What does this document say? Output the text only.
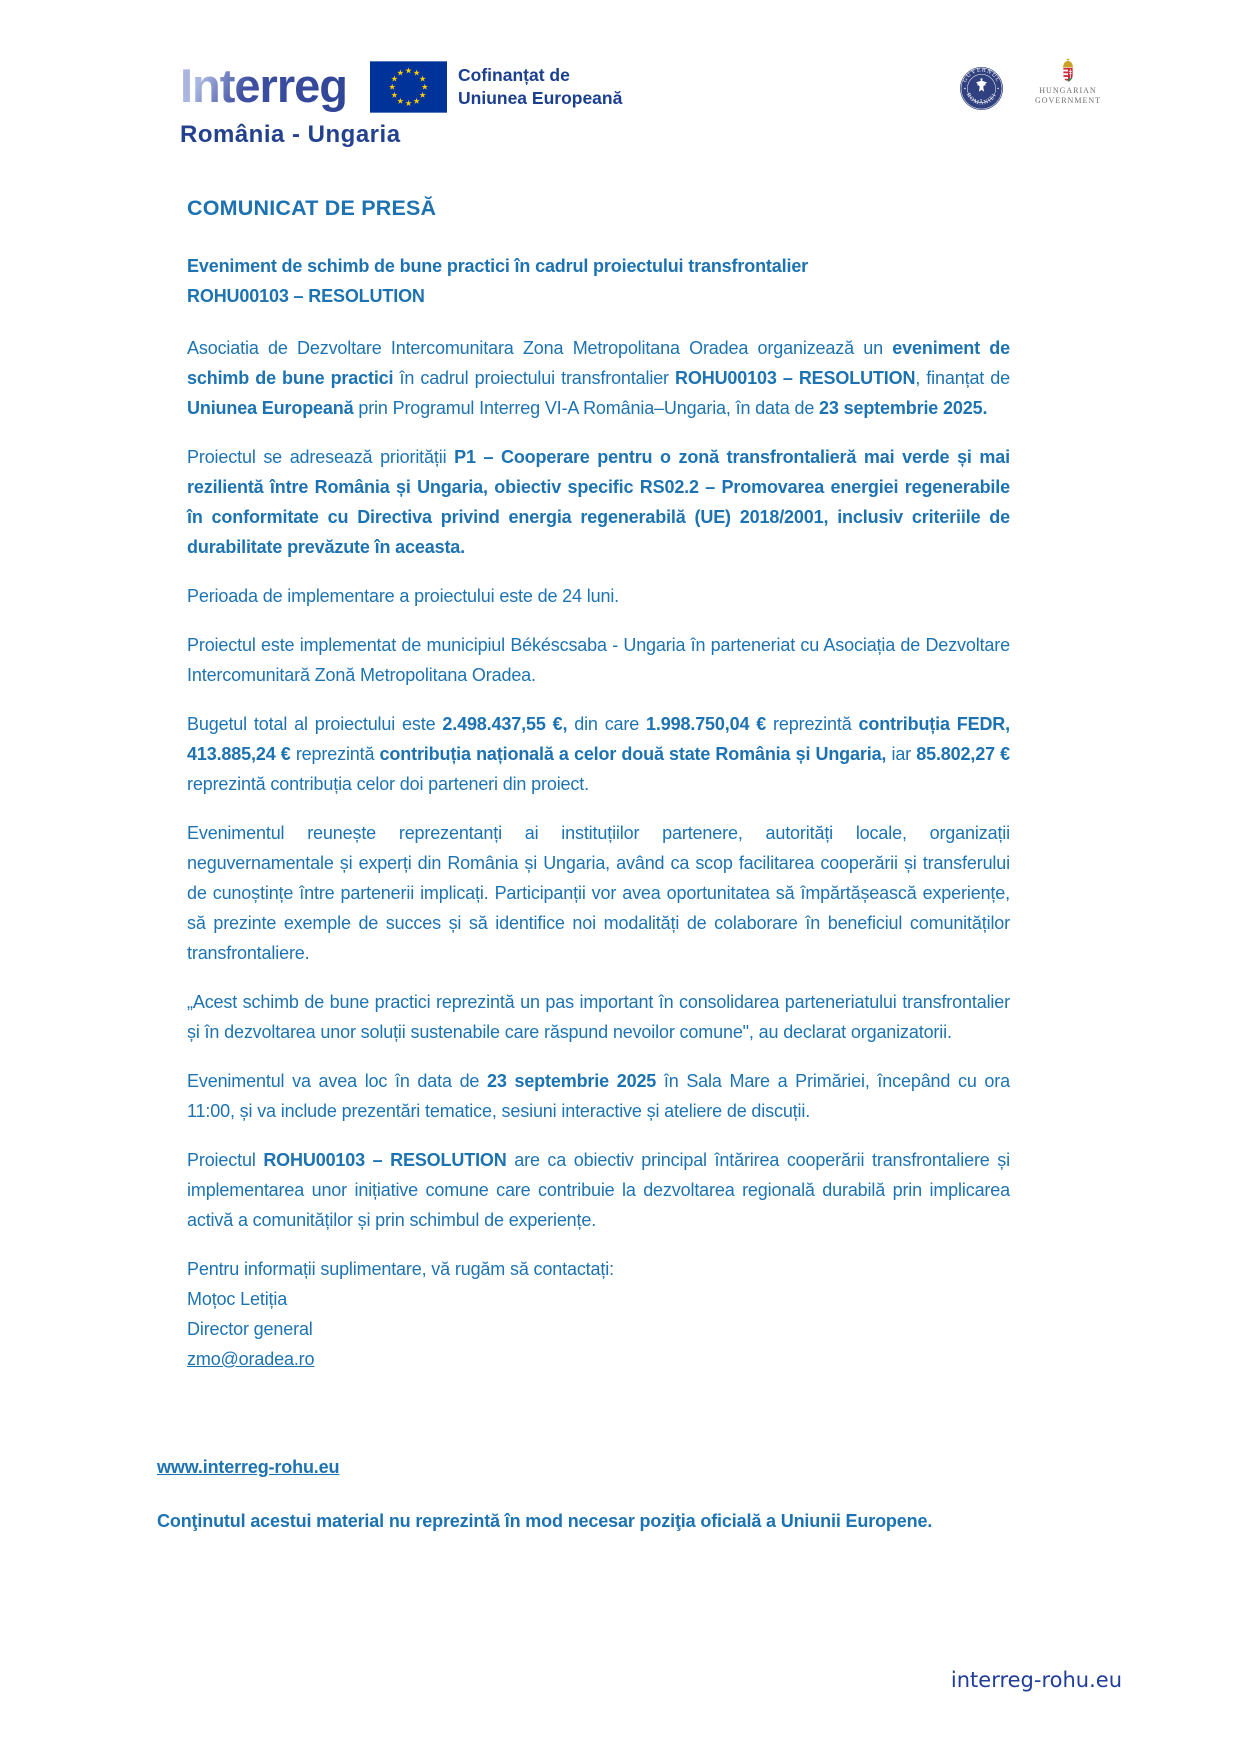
Interreg	Cofinanțat de
Uniunea Europeană
România - Ungaria
GUVERNUL
ROMÂNIEI
HUNGARIAN
GOVERNMENT
COMUNICAT DE PRESĂ
Eveniment de schimb de bune practici în cadrul proiectului transfrontalier
ROHU00103 – RESOLUTION

Asociatia de Dezvoltare Intercomunitara Zona Metropolitana Oradea organizează un eveniment de schimb de bune practici în cadrul proiectului transfrontalier ROHU00103 – RESOLUTION, finanțat de Uniunea Europeană prin Programul Interreg VI-A România–Ungaria, în data de 23 septembrie 2025.

Proiectul se adresează priorității P1 – Cooperare pentru o zonă transfrontalieră mai verde și mai rezilientă între România și Ungaria, obiectiv specific RS02.2 – Promovarea energiei regenerabile în conformitate cu Directiva privind energia regenerabilă (UE) 2018/2001, inclusiv criteriile de durabilitate prevăzute în aceasta.

Perioada de implementare a proiectului este de 24 luni.

Proiectul este implementat de municipiul Békéscsaba - Ungaria în parteneriat cu Asociația de Dezvoltare Intercomunitară Zonă Metropolitana Oradea.

Bugetul total al proiectului este 2.498.437,55 €, din care 1.998.750,04 € reprezintă contribuția FEDR, 413.885,24 € reprezintă contribuția națională a celor două state România și Ungaria, iar 85.802,27 € reprezintă contribuția celor doi parteneri din proiect.

Evenimentul reunește reprezentanți ai instituțiilor partenere, autorități locale, organizații neguvernamentale și experți din România și Ungaria, având ca scop facilitarea cooperării și transferului de cunoștințe între partenerii implicați. Participanții vor avea oportunitatea să împărtășească experiențe, să prezinte exemple de succes și să identifice noi modalități de colaborare în beneficiul comunităților transfrontaliere.

„Acest schimb de bune practici reprezintă un pas important în consolidarea parteneriatului transfrontalier și în dezvoltarea unor soluții sustenabile care răspund nevoilor comune", au declarat organizatorii.

Evenimentul va avea loc în data de 23 septembrie 2025 în Sala Mare a Primăriei, începând cu ora 11:00, și va include prezentări tematice, sesiuni interactive și ateliere de discuții.

Proiectul ROHU00103 – RESOLUTION are ca obiectiv principal întărirea cooperării transfrontaliere și implementarea unor inițiative comune care contribuie la dezvoltarea regională durabilă prin implicarea activă a comunităților și prin schimbul de experiențe.

Pentru informații suplimentare, vă rugăm să contactați:
Moțoc Letiția
Director general
zmo@oradea.ro
www.interreg-rohu.eu

Conţinutul acestui material nu reprezintă în mod necesar poziţia oficială a Uniunii Europene.

interreg-rohu.eu
